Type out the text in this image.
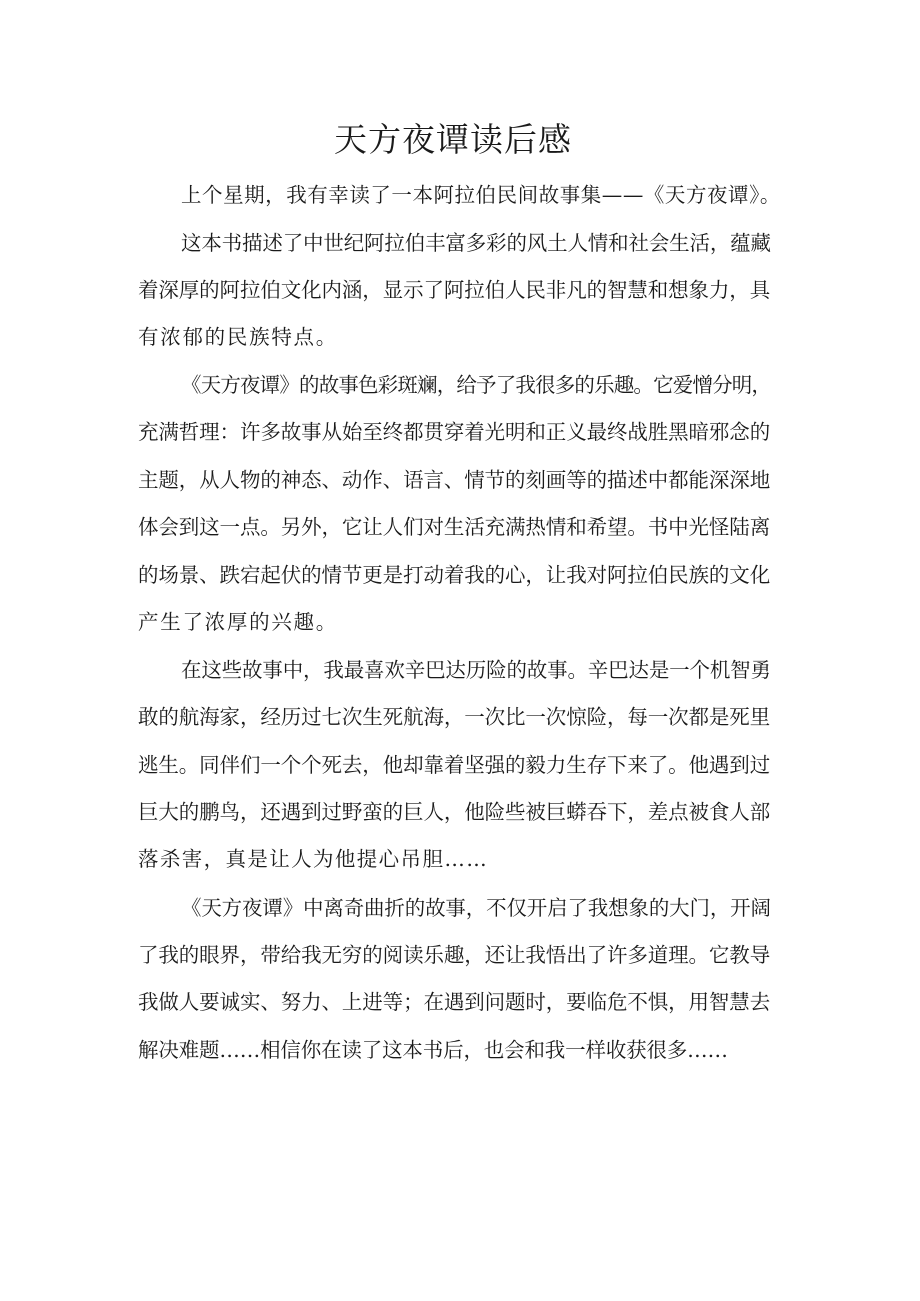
天方夜谭读后感

上个星期，我有幸读了一本阿拉伯民间故事集——《天方夜谭》。

这本书描述了中世纪阿拉伯丰富多彩的风土人情和社会生活，蕴藏

着深厚的阿拉伯文化内涵，显示了阿拉伯人民非凡的智慧和想象力，具

有浓郁的民族特点。

《天方夜谭》的故事色彩斑斓，给予了我很多的乐趣。它爱憎分明，

充满哲理：许多故事从始至终都贯穿着光明和正义最终战胜黑暗邪念的

主题，从人物的神态、动作、语言、情节的刻画等的描述中都能深深地

体会到这一点。另外，它让人们对生活充满热情和希望。书中光怪陆离

的场景、跌宕起伏的情节更是打动着我的心，让我对阿拉伯民族的文化

产生了浓厚的兴趣。

在这些故事中，我最喜欢辛巴达历险的故事。辛巴达是一个机智勇

敢的航海家，经历过七次生死航海，一次比一次惊险，每一次都是死里

逃生。同伴们一个个死去，他却靠着坚强的毅力生存下来了。他遇到过

巨大的鹏鸟，还遇到过野蛮的巨人，他险些被巨蟒吞下，差点被食人部

落杀害，真是让人为他提心吊胆……

《天方夜谭》中离奇曲折的故事，不仅开启了我想象的大门，开阔

了我的眼界，带给我无穷的阅读乐趣，还让我悟出了许多道理。它教导

我做人要诚实、努力、上进等；在遇到问题时，要临危不惧，用智慧去

解决难题……相信你在读了这本书后，也会和我一样收获很多……
